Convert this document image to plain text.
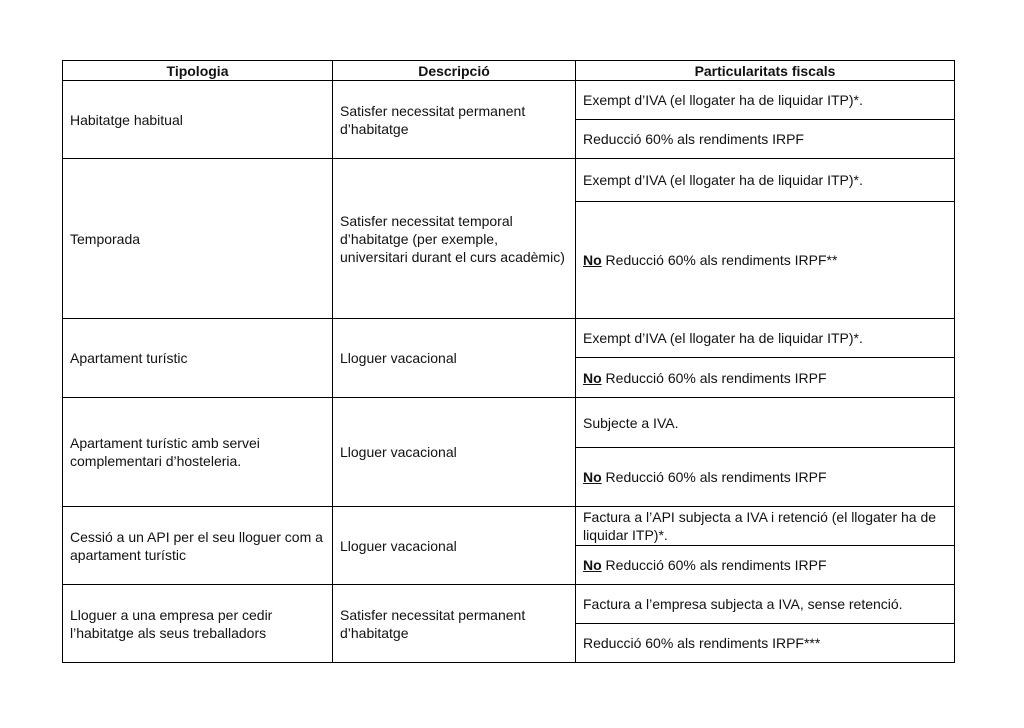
Tipologia	Descripció	Particularitats fiscals
Habitatge habitual	Satisfer necessitat permanent d’habitatge	Exempt d’IVA (el llogater ha de liquidar ITP)*.
		Reducció 60% als rendiments IRPF
Temporada	Satisfer necessitat temporal d’habitatge (per exemple, universitari durant el curs acadèmic)	Exempt d’IVA (el llogater ha de liquidar ITP)*.
		No Reducció 60% als rendiments IRPF**
Apartament turístic	Lloguer vacacional	Exempt d’IVA (el llogater ha de liquidar ITP)*.
		No Reducció 60% als rendiments IRPF
Apartament turístic amb servei complementari d’hosteleria.	Lloguer vacacional	Subjecte a IVA.
		No Reducció 60% als rendiments IRPF
Cessió a un API per el seu lloguer com a apartament turístic	Lloguer vacacional	Factura a l’API subjecta a IVA i retenció (el llogater ha de liquidar ITP)*.
		No Reducció 60% als rendiments IRPF
Lloguer a una empresa per cedir l’habitatge als seus treballadors	Satisfer necessitat permanent d’habitatge	Factura a l’empresa subjecta a IVA, sense retenció.
		Reducció 60% als rendiments IRPF***
